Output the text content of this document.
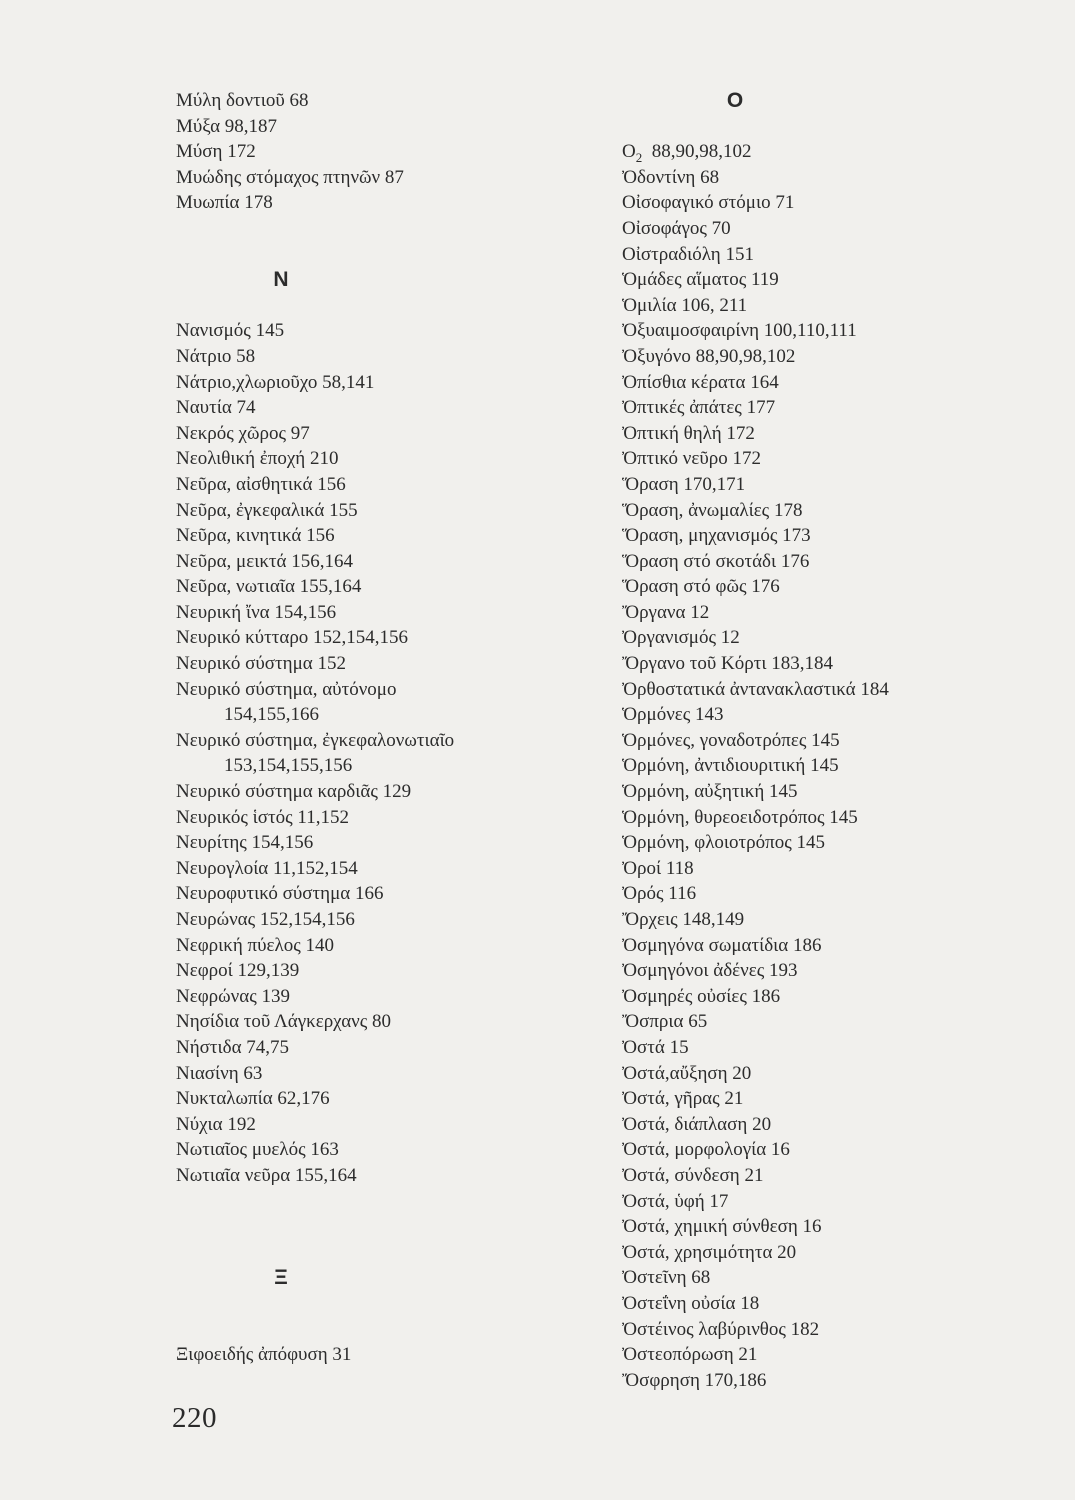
Μύλη δοντιοῦ 68
Μύξα 98,187
Μύση 172
Μυώδης στόμαχος πτηνῶν 87
Μυωπία 178
N
Νανισμός 145
Νάτριο 58
Νάτριο,χλωριοῦχο 58,141
Ναυτία 74
Νεκρός χῶρος 97
Νεολιθική ἐποχή 210
Νεῦρα, αἰσθητικά 156
Νεῦρα, ἐγκεφαλικά 155
Νεῦρα, κινητικά 156
Νεῦρα, μεικτά 156,164
Νεῦρα, νωτιαῖα 155,164
Νευρική ἴνα 154,156
Νευρικό κύτταρο 152,154,156
Νευρικό σύστημα 152
Νευρικό σύστημα, αὐτόνομο
154,155,166
Νευρικό σύστημα, ἐγκεφαλονωτιαῖο
153,154,155,156
Νευρικό σύστημα καρδιᾶς 129
Νευρικός ἱστός 11,152
Νευρίτης 154,156
Νευρογλοία 11,152,154
Νευροφυτικό σύστημα 166
Νευρώνας 152,154,156
Νεφρική πύελος 140
Νεφροί 129,139
Νεφρώνας 139
Νησίδια τοῦ Λάγκερχανς 80
Νήστιδα 74,75
Νιασίνη 63
Νυκταλωπία 62,176
Νύχια 192
Νωτιαῖος μυελός 163
Νωτιαῖα νεῦρα 155,164
Ξ
Ξιφοειδής ἀπόφυση 31
O
$O_2$ 88,90,98,102
Ὀδοντίνη 68
Οἰσοφαγικό στόμιο 71
Οἰσοφάγος 70
Οἰστραδιόλη 151
Ὁμάδες αἵματος 119
Ὁμιλία 106, 211
Ὀξυαιμοσφαιρίνη 100,110,111
Ὀξυγόνο 88,90,98,102
Ὀπίσθια κέρατα 164
Ὀπτικές ἀπάτες 177
Ὀπτική θηλή 172
Ὀπτικό νεῦρο 172
Ὅραση 170,171
Ὅραση, ἀνωμαλίες 178
Ὅραση, μηχανισμός 173
Ὅραση στό σκοτάδι 176
Ὅραση στό φῶς 176
Ὄργανα 12
Ὀργανισμός 12
Ὄργανο τοῦ Κόρτι 183,184
Ὀρθοστατικά ἀντανακλαστικά 184
Ὁρμόνες 143
Ὁρμόνες, γοναδοτρόπες 145
Ὁρμόνη, ἀντιδιουριτική 145
Ὁρμόνη, αὐξητική 145
Ὁρμόνη, θυρεοειδοτρόπος 145
Ὁρμόνη, φλοιοτρόπος 145
Ὀροί 118
Ὀρός 116
Ὄρχεις 148,149
Ὀσμηγόνα σωματίδια 186
Ὀσμηγόνοι ἀδένες 193
Ὀσμηρές οὐσίες 186
Ὄσπρια 65
Ὀστά 15
Ὀστά,αὔξηση 20
Ὀστά, γῆρας 21
Ὀστά, διάπλαση 20
Ὀστά, μορφολογία 16
Ὀστά, σύνδεση 21
Ὀστά, ὑφή 17
Ὀστά, χημική σύνθεση 16
Ὀστά, χρησιμότητα 20
Ὀστεῖνη 68
Ὀστεΐνη οὐσία 18
Ὀστέινος λαβύρινθος 182
Ὀστεοπόρωση 21
Ὄσφρηση 170,186
220
